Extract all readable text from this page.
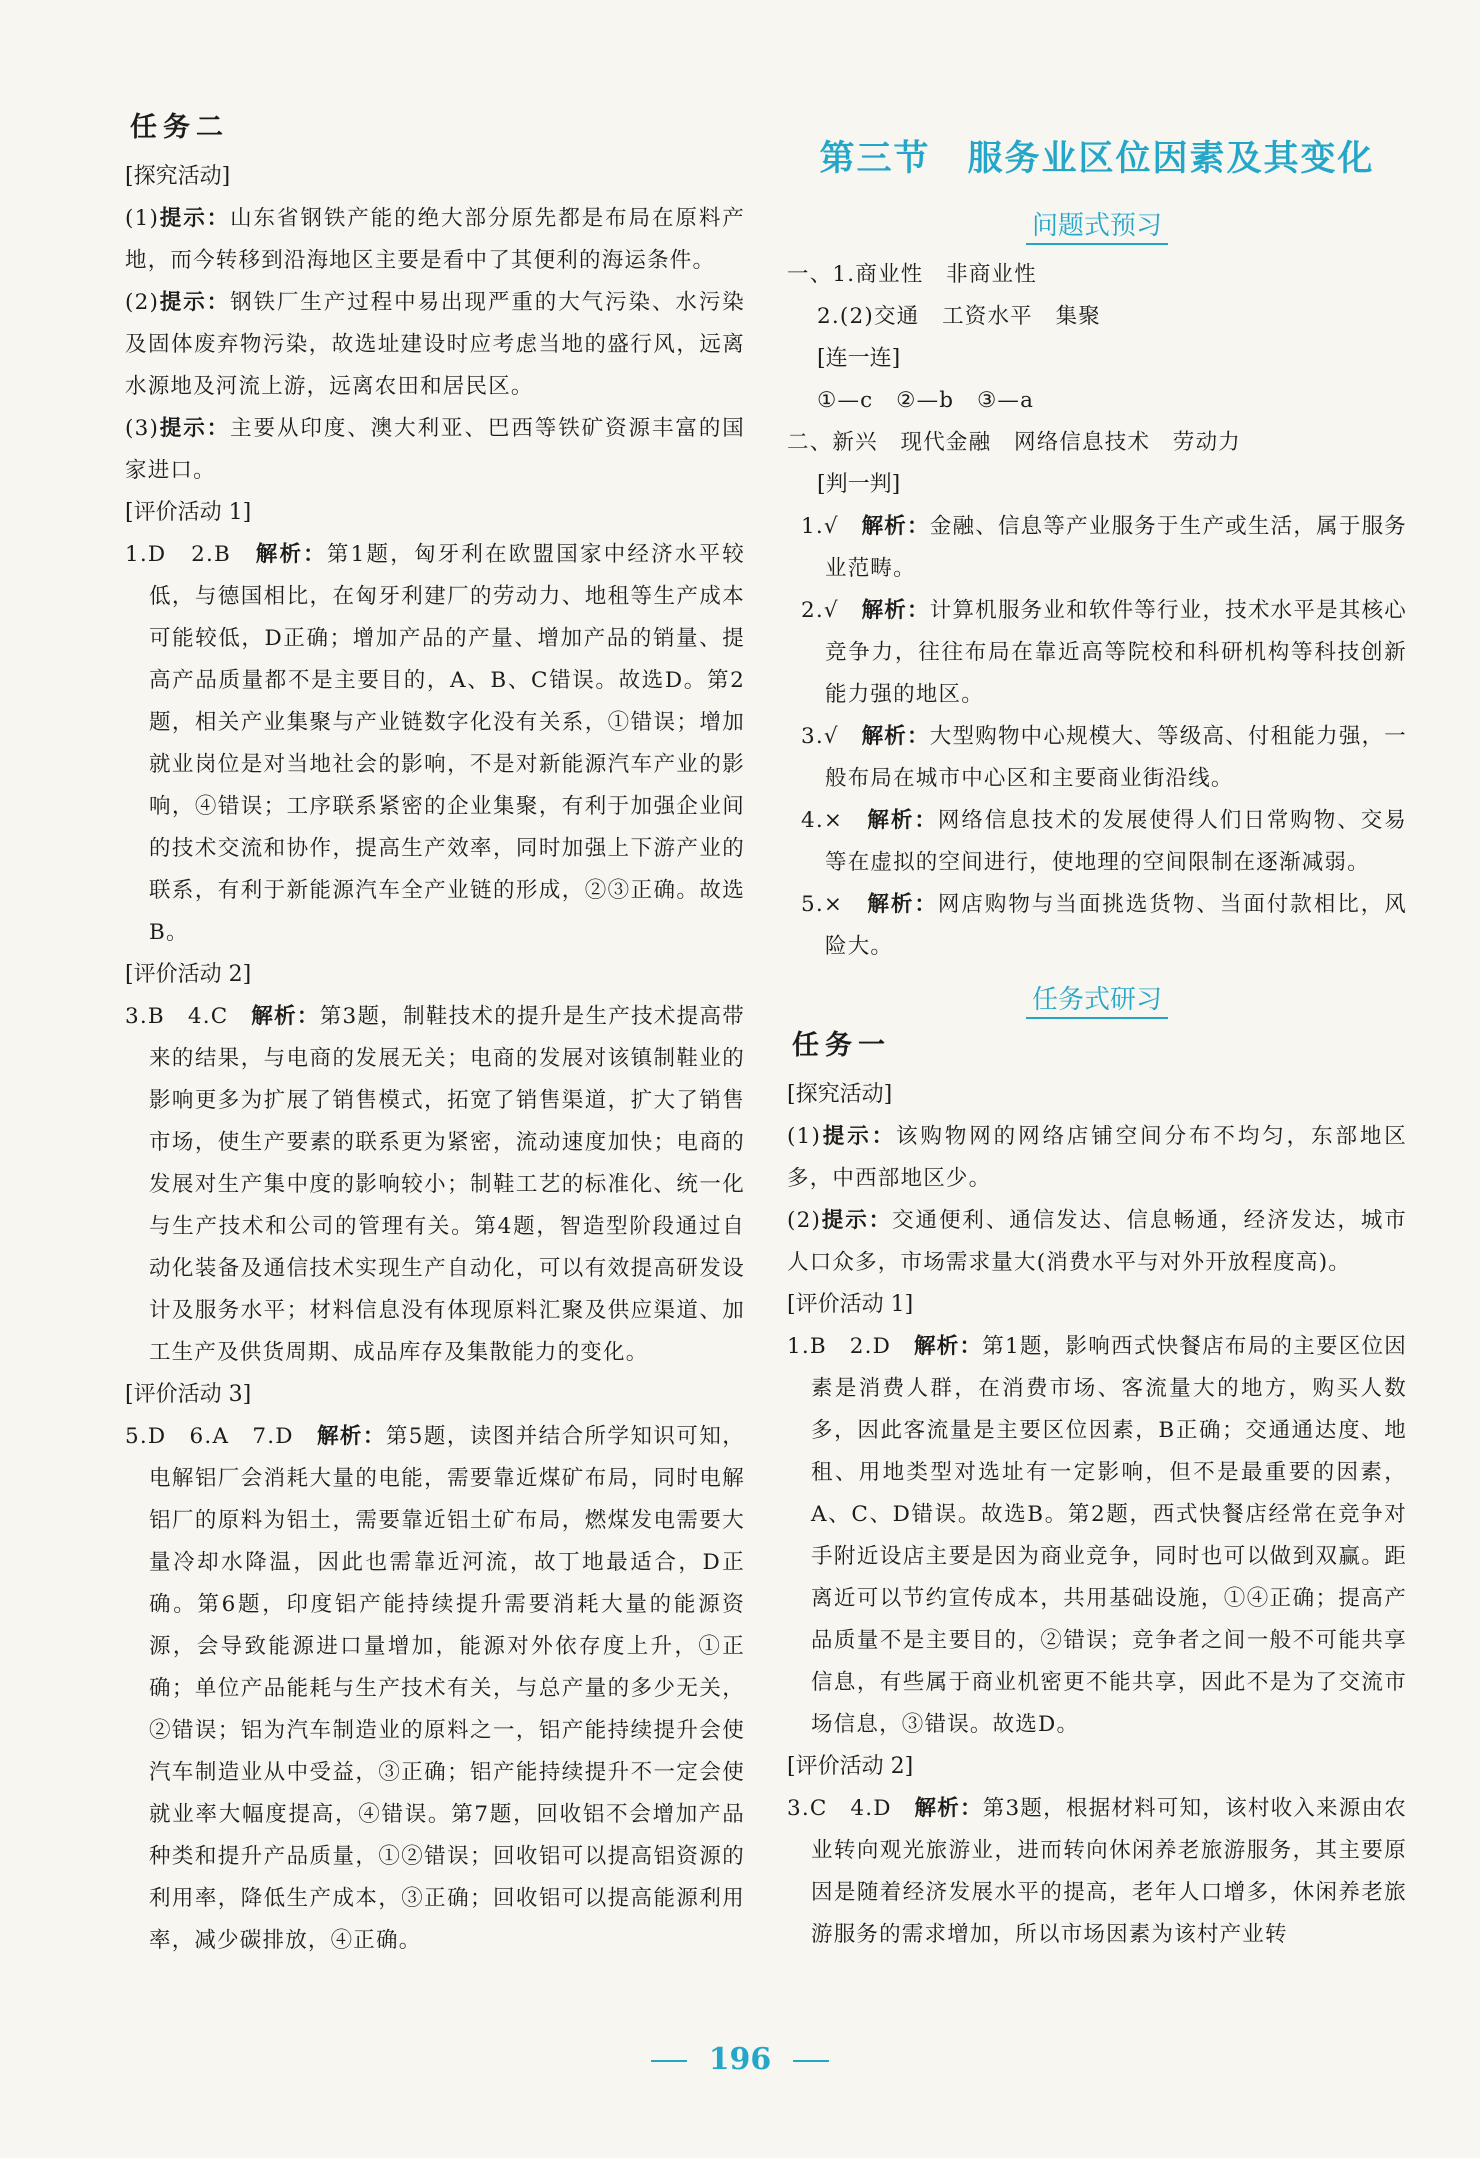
任务二
[探究活动]

(1)提示：山东省钢铁产能的绝大部分原先都是布局在原料产地，而今转移到沿海地区主要是看中了其便利的海运条件。

(2)提示：钢铁厂生产过程中易出现严重的大气污染、水污染及固体废弃物污染，故选址建设时应考虑当地的盛行风，远离水源地及河流上游，远离农田和居民区。

(3)提示：主要从印度、澳大利亚、巴西等铁矿资源丰富的国家进口。

[评价活动 1]

1.D　2.B　解析：第1题，匈牙利在欧盟国家中经济水平较低，与德国相比，在匈牙利建厂的劳动力、地租等生产成本可能较低，D正确；增加产品的产量、增加产品的销量、提高产品质量都不是主要目的，A、B、C错误。故选D。第2题，相关产业集聚与产业链数字化没有关系，①错误；增加就业岗位是对当地社会的影响，不是对新能源汽车产业的影响，④错误；工序联系紧密的企业集聚，有利于加强企业间的技术交流和协作，提高生产效率，同时加强上下游产业的联系，有利于新能源汽车全产业链的形成，②③正确。故选B。

[评价活动 2]

3.B　4.C　解析：第3题，制鞋技术的提升是生产技术提高带来的结果，与电商的发展无关；电商的发展对该镇制鞋业的影响更多为扩展了销售模式，拓宽了销售渠道，扩大了销售市场，使生产要素的联系更为紧密，流动速度加快；电商的发展对生产集中度的影响较小；制鞋工艺的标准化、统一化与生产技术和公司的管理有关。第4题，智造型阶段通过自动化装备及通信技术实现生产自动化，可以有效提高研发设计及服务水平；材料信息没有体现原料汇聚及供应渠道、加工生产及供货周期、成品库存及集散能力的变化。

[评价活动 3]

5.D　6.A　7.D　解析：第5题，读图并结合所学知识可知，电解铝厂会消耗大量的电能，需要靠近煤矿布局，同时电解铝厂的原料为铝土，需要靠近铝土矿布局，燃煤发电需要大量冷却水降温，因此也需靠近河流，故丁地最适合，D正确。第6题，印度铝产能持续提升需要消耗大量的能源资源，会导致能源进口量增加，能源对外依存度上升，①正确；单位产品能耗与生产技术有关，与总产量的多少无关，②错误；铝为汽车制造业的原料之一，铝产能持续提升会使汽车制造业从中受益，③正确；铝产能持续提升不一定会使就业率大幅度提高，④错误。第7题，回收铝不会增加产品种类和提升产品质量，①②错误；回收铝可以提高铝资源的利用率，降低生产成本，③正确；回收铝可以提高能源利用率，减少碳排放，④正确。

第三节　服务业区位因素及其变化
问题式预习

一、1.商业性　非商业性

2.(2)交通　工资水平　集聚

[连一连]

①—c　②—b　③—a

二、新兴　现代金融　网络信息技术　劳动力

[判一判]

1.√　解析：金融、信息等产业服务于生产或生活，属于服务业范畴。

2.√　解析：计算机服务业和软件等行业，技术水平是其核心竞争力，往往布局在靠近高等院校和科研机构等科技创新能力强的地区。

3.√　解析：大型购物中心规模大、等级高、付租能力强，一般布局在城市中心区和主要商业街沿线。

4.×　解析：网络信息技术的发展使得人们日常购物、交易等在虚拟的空间进行，使地理的空间限制在逐渐减弱。

5.×　解析：网店购物与当面挑选货物、当面付款相比，风险大。

任务式研习
任务一
[探究活动]

(1)提示：该购物网的网络店铺空间分布不均匀，东部地区多，中西部地区少。

(2)提示：交通便利、通信发达、信息畅通，经济发达，城市人口众多，市场需求量大(消费水平与对外开放程度高)。

[评价活动 1]

1.B　2.D　解析：第1题，影响西式快餐店布局的主要区位因素是消费人群，在消费市场、客流量大的地方，购买人数多，因此客流量是主要区位因素，B正确；交通通达度、地租、用地类型对选址有一定影响，但不是最重要的因素，A、C、D错误。故选B。第2题，西式快餐店经常在竞争对手附近设店主要是因为商业竞争，同时也可以做到双赢。距离近可以节约宣传成本，共用基础设施，①④正确；提高产品质量不是主要目的，②错误；竞争者之间一般不可能共享信息，有些属于商业机密更不能共享，因此不是为了交流市场信息，③错误。故选D。

[评价活动 2]

3.C　4.D　解析：第3题，根据材料可知，该村收入来源由农业转向观光旅游业，进而转向休闲养老旅游服务，其主要原因是随着经济发展水平的提高，老年人口增多，休闲养老旅游服务的需求增加，所以市场因素为该村产业转

196
